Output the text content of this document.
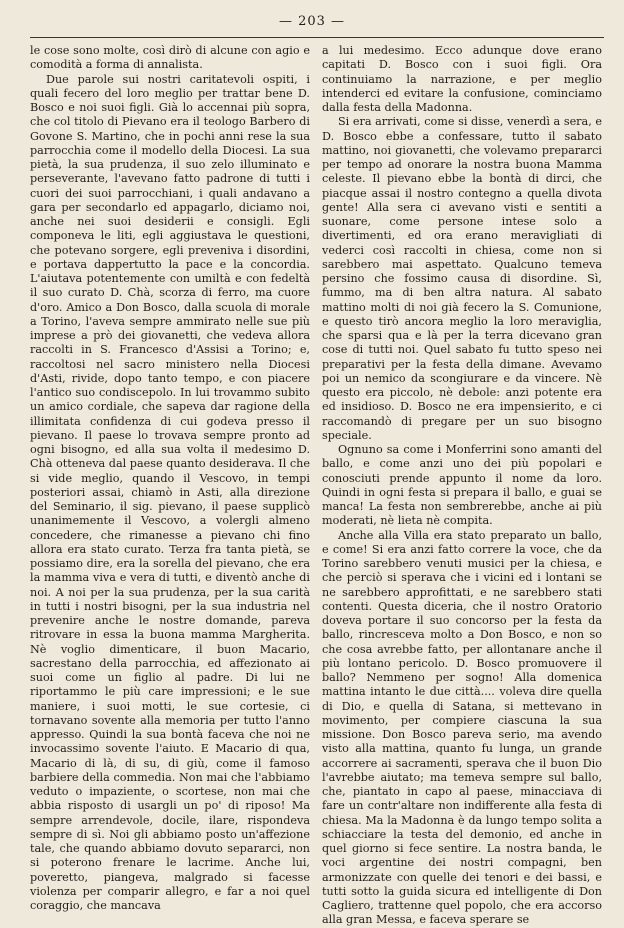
— 203 —

le cose sono molte, così dirò di alcune con agio e comodità a forma di annalista.

Due parole sui nostri caritatevoli ospiti, i quali fecero del loro meglio per trattar bene D. Bosco e noi suoi figli. Già lo accennai più sopra, che col titolo di Pievano era il teologo Barbero di Govone S. Martino, che in pochi anni rese la sua parrocchia come il modello della Diocesi. La sua pietà, la sua prudenza, il suo zelo illuminato e perseverante, l'avevano fatto padrone di tutti i cuori dei suoi parrocchiani, i quali andavano a gara per secondarlo ed appagarlo, diciamo noi, anche nei suoi desiderii e consigli. Egli componeva le liti, egli aggiustava le questioni, che potevano sorgere, egli preveniva i disordini, e portava dappertutto la pace e la concordia. L'aiutava potentemente con umiltà e con fedeltà il suo curato D. Chà, scorza di ferro, ma cuore d'oro. Amico a Don Bosco, dalla scuola di morale a Torino, l'aveva sempre ammirato nelle sue più imprese a prò dei giovanetti, che vedeva allora raccolti in S. Francesco d'Assisi a Torino; e, raccoltosi nel sacro ministero nella Diocesi d'Asti, rivide, dopo tanto tempo, e con piacere l'antico suo condiscepolo. In lui trovammo subito un amico cordiale, che sapeva dar ragione della illimitata confidenza di cui godeva presso il pievano. Il paese lo trovava sempre pronto ad ogni bisogno, ed alla sua volta il medesimo D. Chà otteneva dal paese quanto desiderava. Il che si vide meglio, quando il Vescovo, in tempi posteriori assai, chiamò in Asti, alla direzione del Seminario, il sig. pievano, il paese supplicò unanimemente il Vescovo, a volergli almeno concedere, che rimanesse a pievano chi fino allora era stato curato. Terza fra tanta pietà, se possiamo dire, era la sorella del pievano, che era la mamma viva e vera di tutti, e diventò anche di noi. A noi per la sua prudenza, per la sua carità in tutti i nostri bisogni, per la sua industria nel prevenire anche le nostre domande, pareva ritrovare in essa la buona mamma Margherita. Nè voglio dimenticare, il buon Macario, sacrestano della parrocchia, ed affezionato ai suoi come un figlio al padre. Di lui ne riportammo le più care impressioni; e le sue maniere, i suoi motti, le sue cortesie, ci tornavano sovente alla memoria per tutto l'anno appresso. Quindi la sua bontà faceva che noi ne invocassimo sovente l'aiuto. E Macario di qua, Macario di là, di su, di giù, come il famoso barbiere della commedia. Non mai che l'abbiamo veduto o impaziente, o scortese, non mai che abbia risposto di usargli un po' di riposo! Ma sempre arrendevole, docile, ilare, rispondeva sempre di sì. Noi gli abbiamo posto un'affezione tale, che quando abbiamo dovuto separarci, non si poterono frenare le lacrime. Anche lui, poveretto, piangeva, malgrado si facesse violenza per comparir allegro, e far a noi quel coraggio, che mancava

a lui medesimo. Ecco adunque dove erano capitati D. Bosco con i suoi figli. Ora continuiamo la narrazione, e per meglio intenderci ed evitare la confusione, cominciamo dalla festa della Madonna.

Si era arrivati, come si disse, venerdì a sera, e D. Bosco ebbe a confessare, tutto il sabato mattino, noi giovanetti, che volevamo prepararci per tempo ad onorare la nostra buona Mamma celeste. Il pievano ebbe la bontà di dirci, che piacque assai il nostro contegno a quella divota gente! Alla sera ci avevano visti e sentiti a suonare, come persone intese solo a divertimenti, ed ora erano meravigliati di vederci così raccolti in chiesa, come non si sarebbero mai aspettato. Qualcuno temeva persino che fossimo causa di disordine. Sì, fummo, ma di ben altra natura. Al sabato mattino molti di noi già fecero la S. Comunione, e questo tirò ancora meglio la loro meraviglia, che sparsi qua e là per la terra dicevano gran cose di tutti noi. Quel sabato fu tutto speso nei preparativi per la festa della dimane. Avevamo poi un nemico da scongiurare e da vincere. Nè questo era piccolo, nè debole: anzi potente era ed insidioso. D. Bosco ne era impensierito, e ci raccomandò di pregare per un suo bisogno speciale.

Ognuno sa come i Monferrini sono amanti del ballo, e come anzi uno dei più popolari e conosciuti prende appunto il nome da loro. Quindi in ogni festa si prepara il ballo, e guai se manca! La festa non sembrerebbe, anche ai più moderati, nè lieta nè compita.

Anche alla Villa era stato preparato un ballo, e come! Si era anzi fatto correre la voce, che da Torino sarebbero venuti musici per la chiesa, e che perciò si sperava che i vicini ed i lontani se ne sarebbero approfittati, e ne sarebbero stati contenti. Questa diceria, che il nostro Oratorio doveva portare il suo concorso per la festa da ballo, rincresceva molto a Don Bosco, e non so che cosa avrebbe fatto, per allontanare anche il più lontano pericolo. D. Bosco promuovere il ballo? Nemmeno per sogno! Alla domenica mattina intanto le due città.... voleva dire quella di Dio, e quella di Satana, si mettevano in movimento, per compiere ciascuna la sua missione. Don Bosco pareva serio, ma avendo visto alla mattina, quanto fu lunga, un grande accorrere ai sacramenti, sperava che il buon Dio l'avrebbe aiutato; ma temeva sempre sul ballo, che, piantato in capo al paese, minacciava di fare un contr'altare non indifferente alla festa di chiesa. Ma la Madonna è da lungo tempo solita a schiacciare la testa del demonio, ed anche in quel giorno si fece sentire. La nostra banda, le voci argentine dei nostri compagni, ben armonizzate con quelle dei tenori e dei bassi, e tutti sotto la guida sicura ed intelligente di Don Cagliero, trattenne quel popolo, che era accorso alla gran Messa, e faceva sperare se
